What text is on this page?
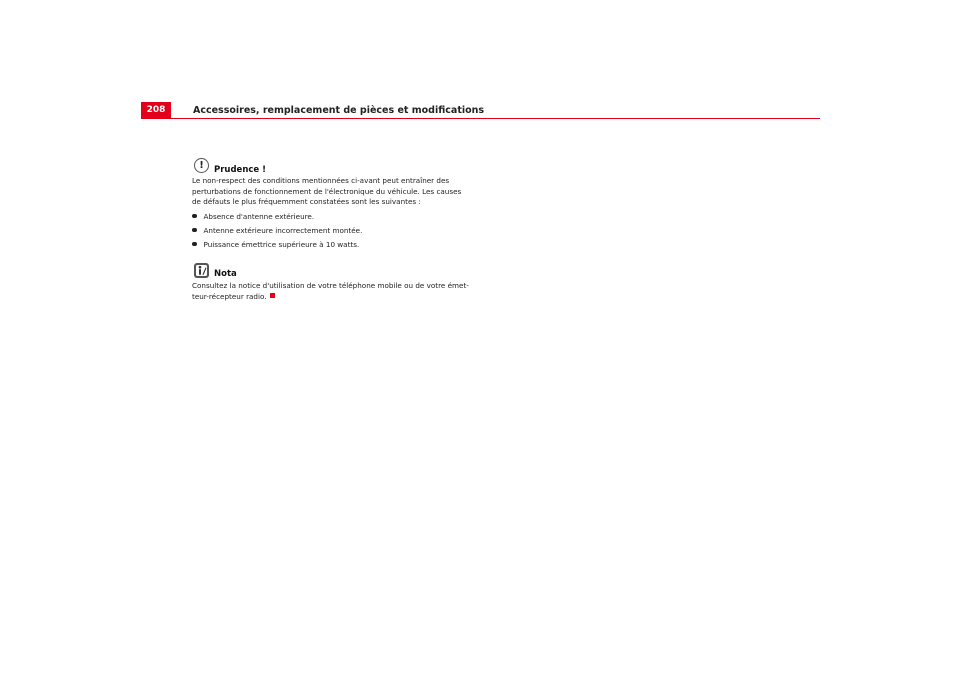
208	Accessoires, remplacement de pièces et modifications
! Prudence !
Le non-respect des conditions mentionnées ci-avant peut entraîner des
perturbations de fonctionnement de l'électronique du véhicule. Les causes
de défauts le plus fréquemment constatées sont les suivantes :
Absence d'antenne extérieure.
Antenne extérieure incorrectement montée.
Puissance émettrice supérieure à 10 watts.
Nota
Consultez la notice d'utilisation de votre téléphone mobile ou de votre émet-
teur-récepteur radio.
